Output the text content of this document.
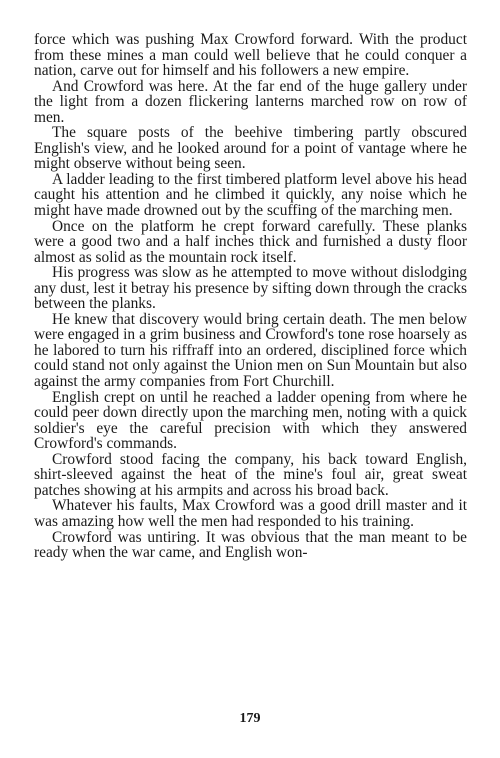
force which was pushing Max Crowford forward. With the product from these mines a man could well believe that he could conquer a nation, carve out for himself and his followers a new empire.

And Crowford was here. At the far end of the huge gallery under the light from a dozen flickering lanterns marched row on row of men.

The square posts of the beehive timbering partly obscured English's view, and he looked around for a point of vantage where he might observe without being seen.

A ladder leading to the first timbered platform level above his head caught his attention and he climbed it quickly, any noise which he might have made drowned out by the scuffing of the marching men.

Once on the platform he crept forward carefully. These planks were a good two and a half inches thick and furnished a dusty floor almost as solid as the mountain rock itself.

His progress was slow as he attempted to move without dislodging any dust, lest it betray his presence by sifting down through the cracks between the planks.

He knew that discovery would bring certain death. The men below were engaged in a grim business and Crowford's tone rose hoarsely as he labored to turn his riffraff into an ordered, disciplined force which could stand not only against the Union men on Sun Mountain but also against the army companies from Fort Churchill.

English crept on until he reached a ladder opening from where he could peer down directly upon the marching men, noting with a quick soldier's eye the careful precision with which they answered Crowford's commands.

Crowford stood facing the company, his back toward English, shirt-sleeved against the heat of the mine's foul air, great sweat patches showing at his armpits and across his broad back.

Whatever his faults, Max Crowford was a good drill master and it was amazing how well the men had responded to his training.

Crowford was untiring. It was obvious that the man meant to be ready when the war came, and English won-

179
